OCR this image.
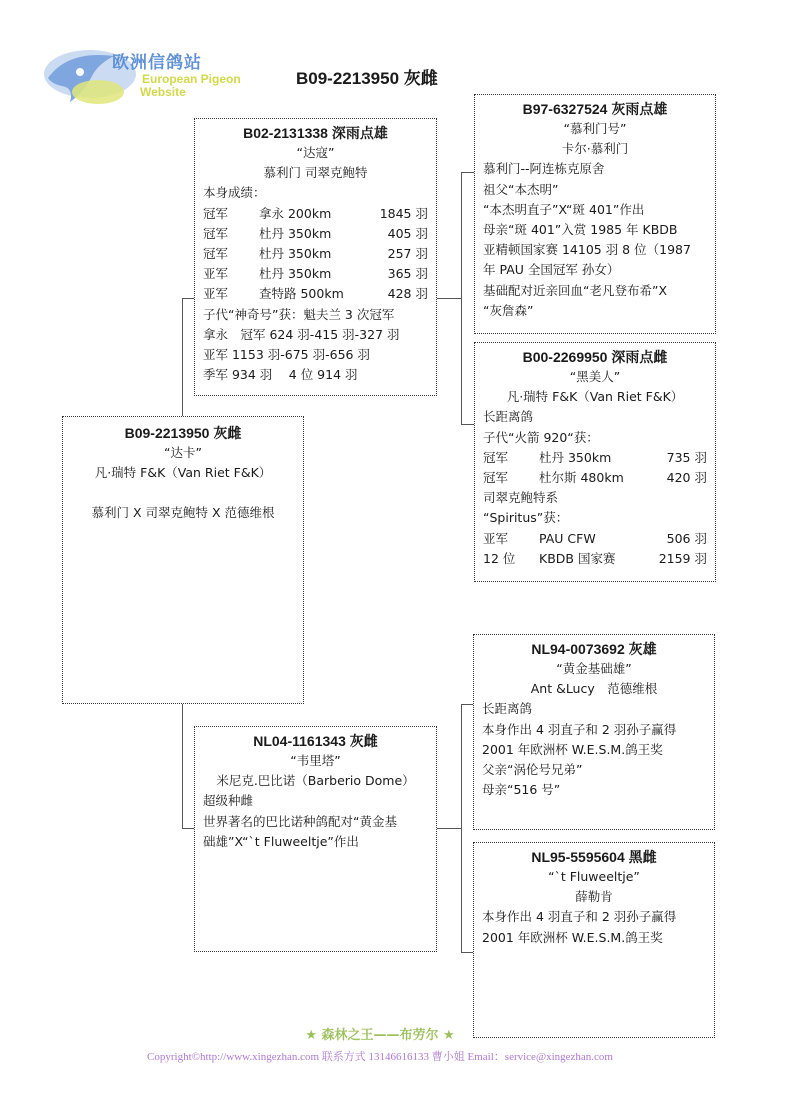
欧洲信鸽站
European Pigeon
Website
B09-2213950 灰雌
B09-2213950 灰雌
“达卡”
凡·瑞特 F&K（Van Riet F&K）
慕利门 X 司翠克鲍特 X 范德维根
B02-2131338 深雨点雄
“达寇”
慕利门 司翠克鲍特
本身成绩：
冠军	拿永 200km	1845 羽
冠军	杜丹 350km	405 羽
冠军	杜丹 350km	257 羽
亚军	杜丹 350km	365 羽
亚军	查特路 500km	428 羽
子代“神奇号”获：魁夫兰 3 次冠军
拿永　冠军 624 羽-415 羽-327 羽
亚军 1153 羽-675 羽-656 羽
季军 934 羽　 4 位 914 羽
B97-6327524 灰雨点雄
“慕利门号”
卡尔·慕利门
慕利门--阿连栋克原舍
祖父“本杰明”
“本杰明直子”X“斑 401”作出
母亲“斑 401”入赏 1985 年 KBDB
亚精顿国家赛 14105 羽 8 位（1987
年 PAU 全国冠军 孙女）
基础配对近亲回血“老凡登布希”X
“灰詹森”
B00-2269950 深雨点雌
“黑美人”
凡·瑞特 F&K（Van Riet F&K）
长距离鸽
子代“火箭 920“获：
冠军	杜丹 350km	735 羽
冠军	杜尔斯 480km	420 羽
司翠克鲍特系
“Spiritus”获：
亚军	PAU CFW	506 羽
12 位	KBDB 国家赛	2159 羽
NL04-1161343 灰雌
“韦里塔”
米尼克.巴比诺（Barberio Dome）
超级种雌
世界著名的巴比诺种鸽配对“黄金基
础雄”X“`t Fluweeltje”作出
NL94-0073692 灰雄
“黄金基础雄”
Ant &Lucy　范德维根
长距离鸽
本身作出 4 羽直子和 2 羽孙子赢得
2001 年欧洲杯 W.E.S.M.鸽王奖
父亲“涡伦号兄弟”
母亲“516 号”
NL95-5595604 黑雌
“`t Fluweeltje”
薛勒肯
本身作出 4 羽直子和 2 羽孙子赢得
2001 年欧洲杯 W.E.S.M.鸽王奖
★ 森林之王——布劳尔 ★
Copyright©http://www.xingezhan.com 联系方式 13146616133 曹小姐 Email：service@xingezhan.com
